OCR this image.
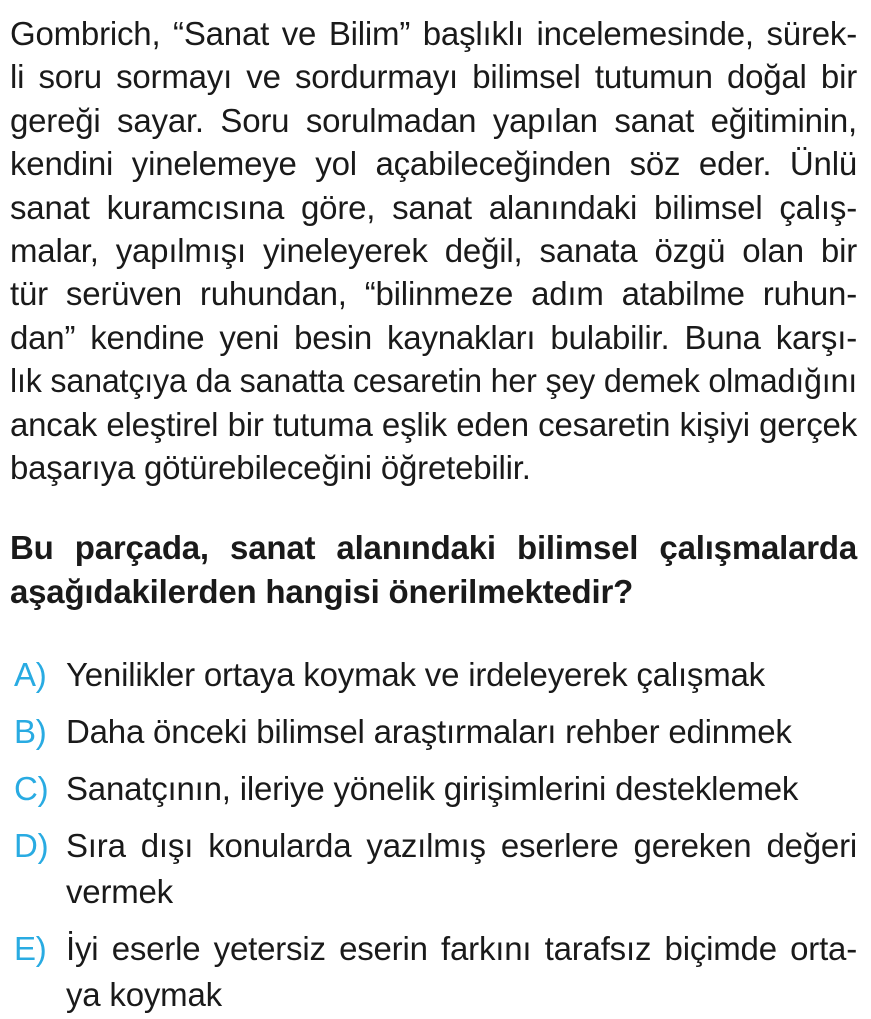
Gombrich, “Sanat ve Bilim” başlıklı incelemesinde, sürek-
li soru sormayı ve sordurmayı bilimsel tutumun doğal bir
gereği sayar. Soru sorulmadan yapılan sanat eğitiminin,
kendini yinelemeye yol açabileceğinden söz eder. Ünlü
sanat kuramcısına göre, sanat alanındaki bilimsel çalış-
malar, yapılmışı yineleyerek değil, sanata özgü olan bir
tür serüven ruhundan, “bilinmeze adım atabilme ruhun-
dan” kendine yeni besin kaynakları bulabilir. Buna karşı-
lık sanatçıya da sanatta cesaretin her şey demek olmadığını
ancak eleştirel bir tutuma eşlik eden cesaretin kişiyi gerçek
başarıya götürebileceğini öğretebilir.
Bu parçada, sanat alanındaki bilimsel çalışmalarda
aşağıdakilerden hangisi önerilmektedir?
A) Yenilikler ortaya koymak ve irdeleyerek çalışmak
B) Daha önceki bilimsel araştırmaları rehber edinmek
C) Sanatçının, ileriye yönelik girişimlerini desteklemek
D) Sıra dışı konularda yazılmış eserlere gereken değeri
vermek
E) İyi eserle yetersiz eserin farkını tarafsız biçimde orta-
ya koymak
